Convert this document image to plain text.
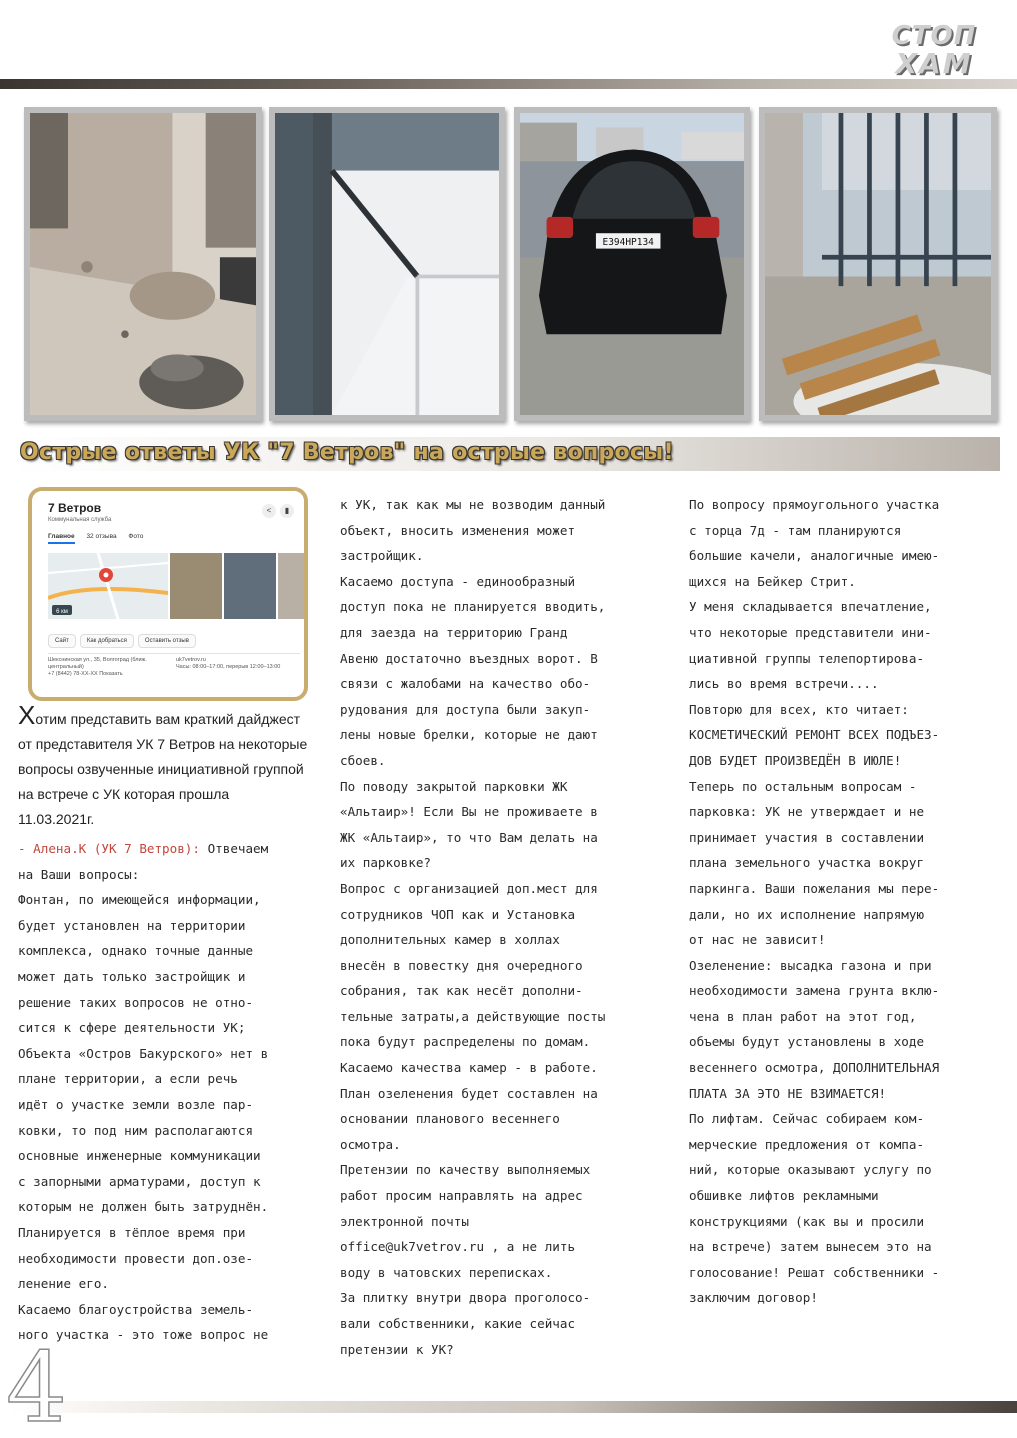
СТОП
ХАМ
Е394НР134
Острые ответы УК "7 Ветров" на острые вопросы!
7 Ветров
Коммунальная служба
< ▮
Главное 32 отзыва Фото
6 км
Сайт	Как добраться	Оставить отзыв
Шекснинская ул., 35, Волгоград (ближ. центральный)
+7 (8442) 78-XX-XX Показать
uk7vetrov.ru
Часы: 08:00–17:00, перерыв 12:00–13:00
Хотим представить вам краткий дайджест от представителя УК 7 Ветров на некоторые вопросы озвученные инициативной группой на встрече с УК которая прошла 11.03.2021г.

- Алена.К (УК 7 Ветров): Отвечаем

на Ваши вопросы:

Фонтан, по имеющейся информации,

будет установлен на территории

комплекса, однако точные данные

может дать только застройщик и

решение таких вопросов не отно-

сится к сфере деятельности УК;

Объекта «Остров Бакурского» нет в

плане территории, а если речь

идёт о участке земли возле пар-

ковки, то под ним располагаются

основные инженерные коммуникации

с запорными арматурами, доступ к

которым не должен быть затруднён.

Планируется в тёплое время при

необходимости провести доп.озе-

ленение его.

Касаемо благоустройства земель-

ного участка - это тоже вопрос не

к УК, так как мы не возводим данный

объект, вносить изменения может

застройщик.

Касаемо доступа - единообразный

доступ пока не планируется вводить,

для заезда на территорию Гранд

Авеню достаточно въездных ворот. В

связи с жалобами на качество обо-

рудования для доступа были закуп-

лены новые брелки, которые не дают

сбоев.

По поводу закрытой парковки ЖК

«Альтаир»! Если Вы не проживаете в

ЖК «Альтаир», то что Вам делать на

их парковке?

Вопрос с организацией доп.мест для

сотрудников ЧОП как и Установка

дополнительных камер в холлах

внесён в повестку дня очередного

собрания, так как несёт дополни-

тельные затраты,а действующие посты

пока будут распределены по домам.

Касаемо качества камер - в работе.

План озеленения будет составлен на

основании планового весеннего

осмотра.

Претензии по качеству выполняемых

работ просим направлять на адрес

электронной почты

office@uk7vetrov.ru , а не лить

воду в чатовских переписках.

За плитку внутри двора проголосо-

вали собственники, какие сейчас

претензии к УК?

По вопросу прямоугольного участка

с торца 7д - там планируются

большие качели, аналогичные имею-

щихся на Бейкер Стрит.

У меня складывается впечатление,

что некоторые представители ини-

циативной группы телепортирова-

лись во время встречи....

Повторю для всех, кто читает:

КОСМЕТИЧЕСКИЙ РЕМОНТ ВСЕХ ПОДЪЕЗ-

ДОВ БУДЕТ ПРОИЗВЕДЁН В ИЮЛЕ!

Теперь по остальным вопросам -

парковка: УК не утверждает и не

принимает участия в составлении

плана земельного участка вокруг

паркинга. Ваши пожелания мы пере-

дали, но их исполнение напрямую

от нас не зависит!

Озеленение: высадка газона и при

необходимости замена грунта вклю-

чена в план работ на этот год,

объемы будут установлены в ходе

весеннего осмотра, ДОПОЛНИТЕЛЬНАЯ

ПЛАТА ЗА ЭТО НЕ ВЗИМАЕТСЯ!

По лифтам. Сейчас собираем ком-

мерческие предложения от компа-

ний, которые оказывают услугу по

обшивке лифтов рекламными

конструкциями (как вы и просили

на встрече) затем вынесем это на

голосование! Решат собственники -

заключим договор!

4
